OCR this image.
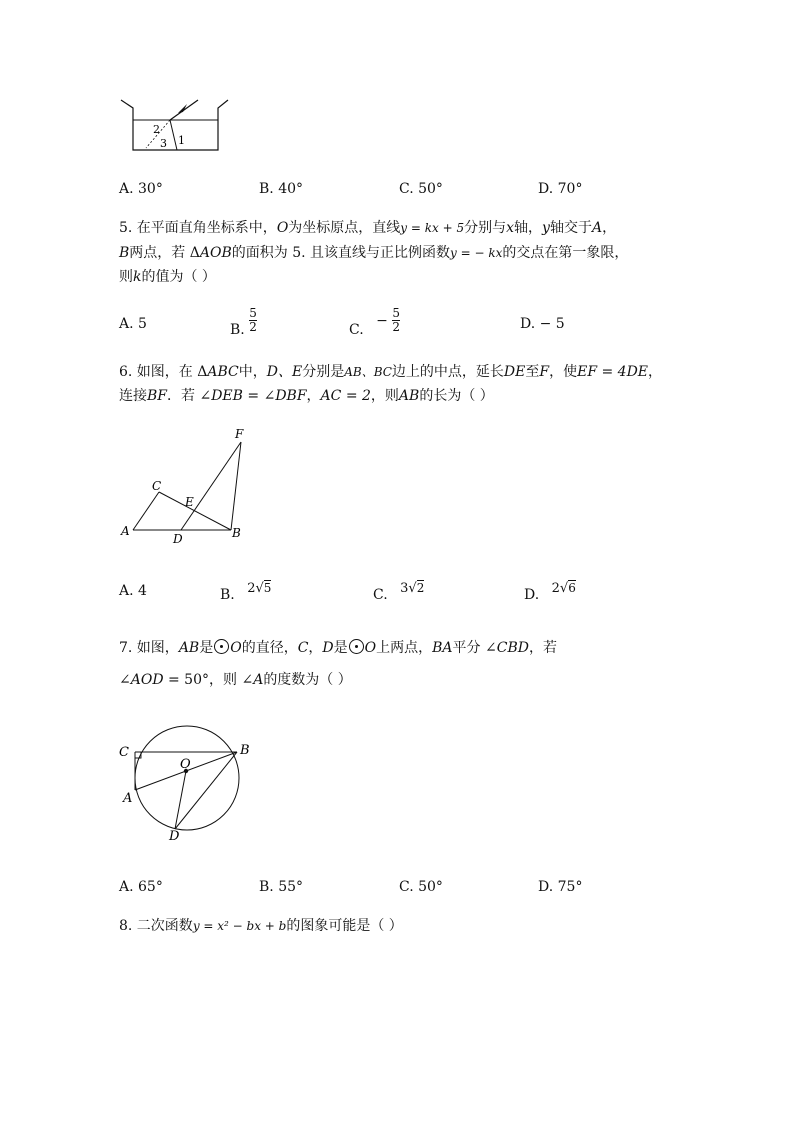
2
3 1
A. 30°	B. 40°	C. 50°	D. 70°
5. 在平面直角坐标系中，O为坐标原点，直线y = kx + 5分别与x轴，y轴交于A，
B两点，若 ΔAOB的面积为 5. 且该直线与正比例函数y = − kx的交点在第一象限，
则k的值为（ ）
A. 5	B. $\frac{5}{2}$	C. − $\frac{5}{2}$	D. − 5
6. 如图，在 ΔABC中，D、E分别是AB、BC边上的中点，延长DE至F，使EF = 4DE，
连接BF．若 ∠DEB = ∠DBF，AC = 2，则AB的长为（ ）
F
C
E
A
D	B
A. 4	B. 2√5	C. 3√2	D. 2√6
7. 如图，AB是 O的直径，C，D是 O上两点，BA平分 ∠CBD，若
∠AOD = 50°，则 ∠A的度数为（ ）
C	B
O
A
D
A. 65°	B. 55°	C. 50°	D. 75°
8. 二次函数y = x² − bx + b的图象可能是（ ）
